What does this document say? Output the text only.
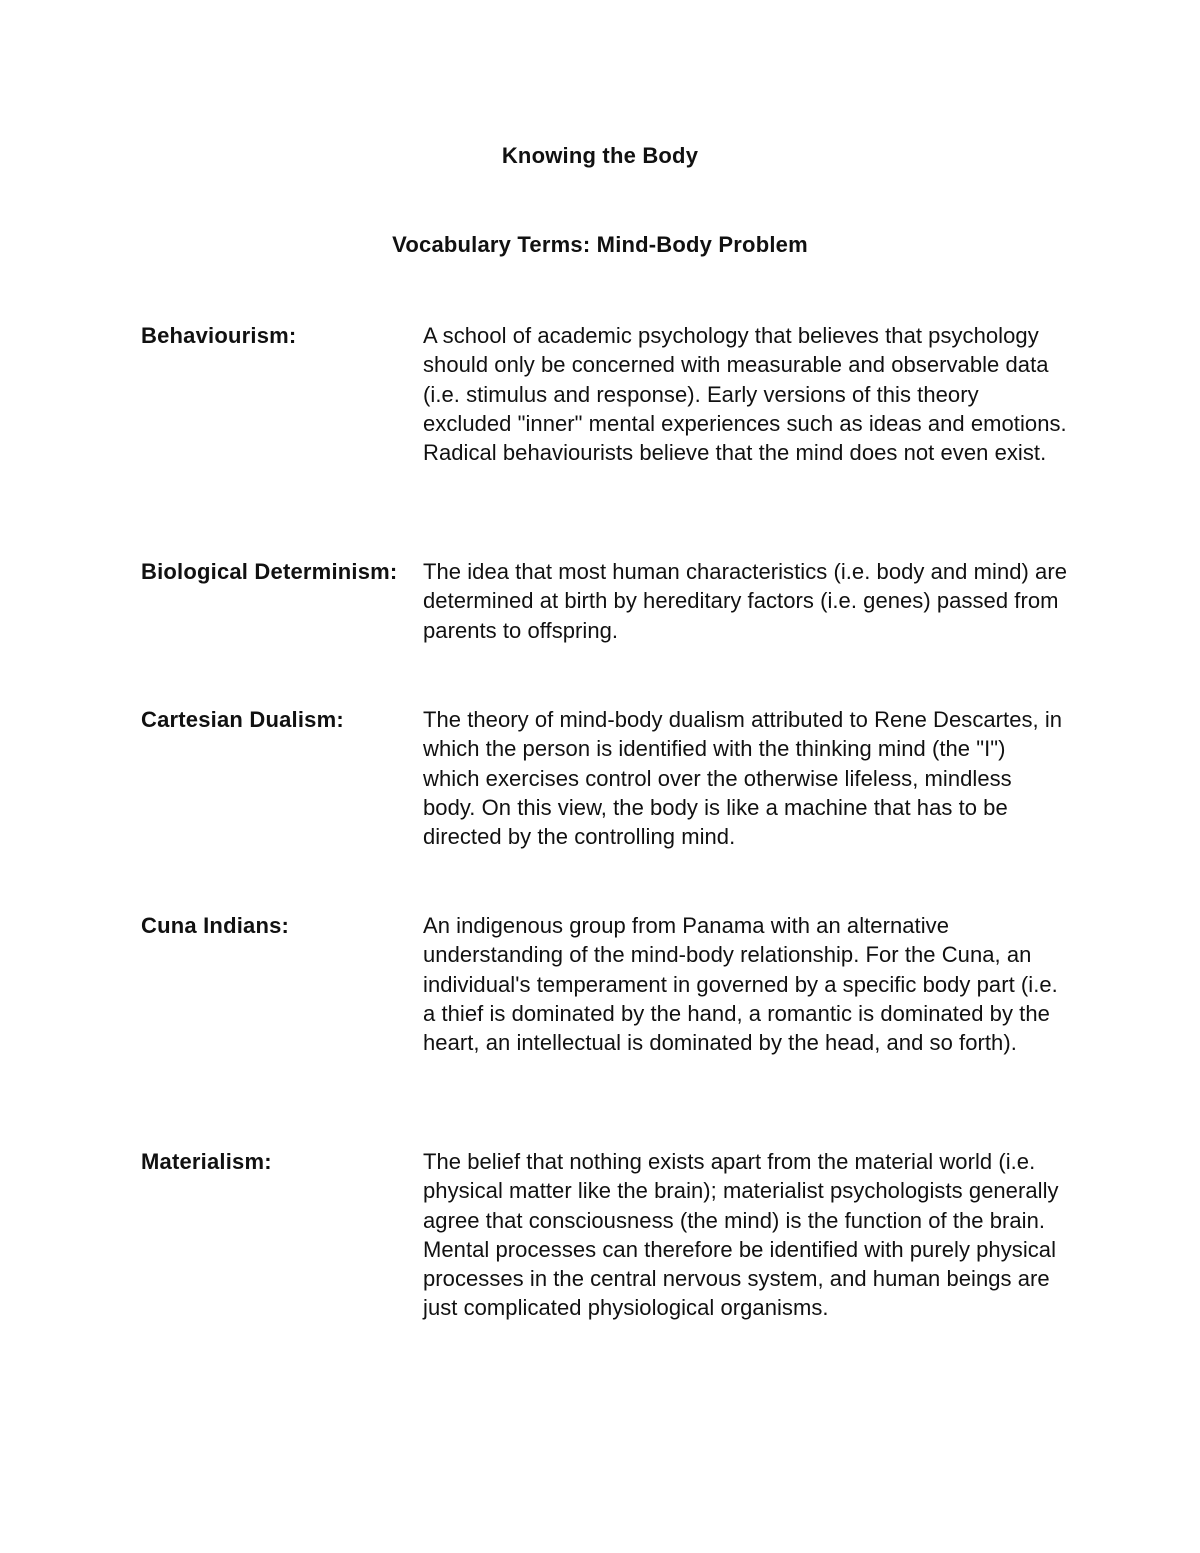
Knowing the Body
Vocabulary Terms: Mind-Body Problem
Behaviourism:	A school of academic psychology that believes that psychology should only be concerned with measurable and observable data (i.e. stimulus and response). Early versions of this theory excluded "inner" mental experiences such as ideas and emotions. Radical behaviourists believe that the mind does not even exist.
Biological Determinism:	The idea that most human characteristics (i.e. body and mind) are determined at birth by hereditary factors (i.e. genes) passed from parents to offspring.
Cartesian Dualism:	The theory of mind-body dualism attributed to Rene Descartes, in which the person is identified with the thinking mind (the "I") which exercises control over the otherwise lifeless, mindless body. On this view, the body is like a machine that has to be directed by the controlling mind.
Cuna Indians:	An indigenous group from Panama with an alternative understanding of the mind-body relationship. For the Cuna, an individual's temperament in governed by a specific body part (i.e. a thief is dominated by the hand, a romantic is dominated by the heart, an intellectual is dominated by the head, and so forth).
Materialism:	The belief that nothing exists apart from the material world (i.e. physical matter like the brain); materialist psychologists generally agree that consciousness (the mind) is the function of the brain. Mental processes can therefore be identified with purely physical processes in the central nervous system, and human beings are just complicated physiological organisms.
